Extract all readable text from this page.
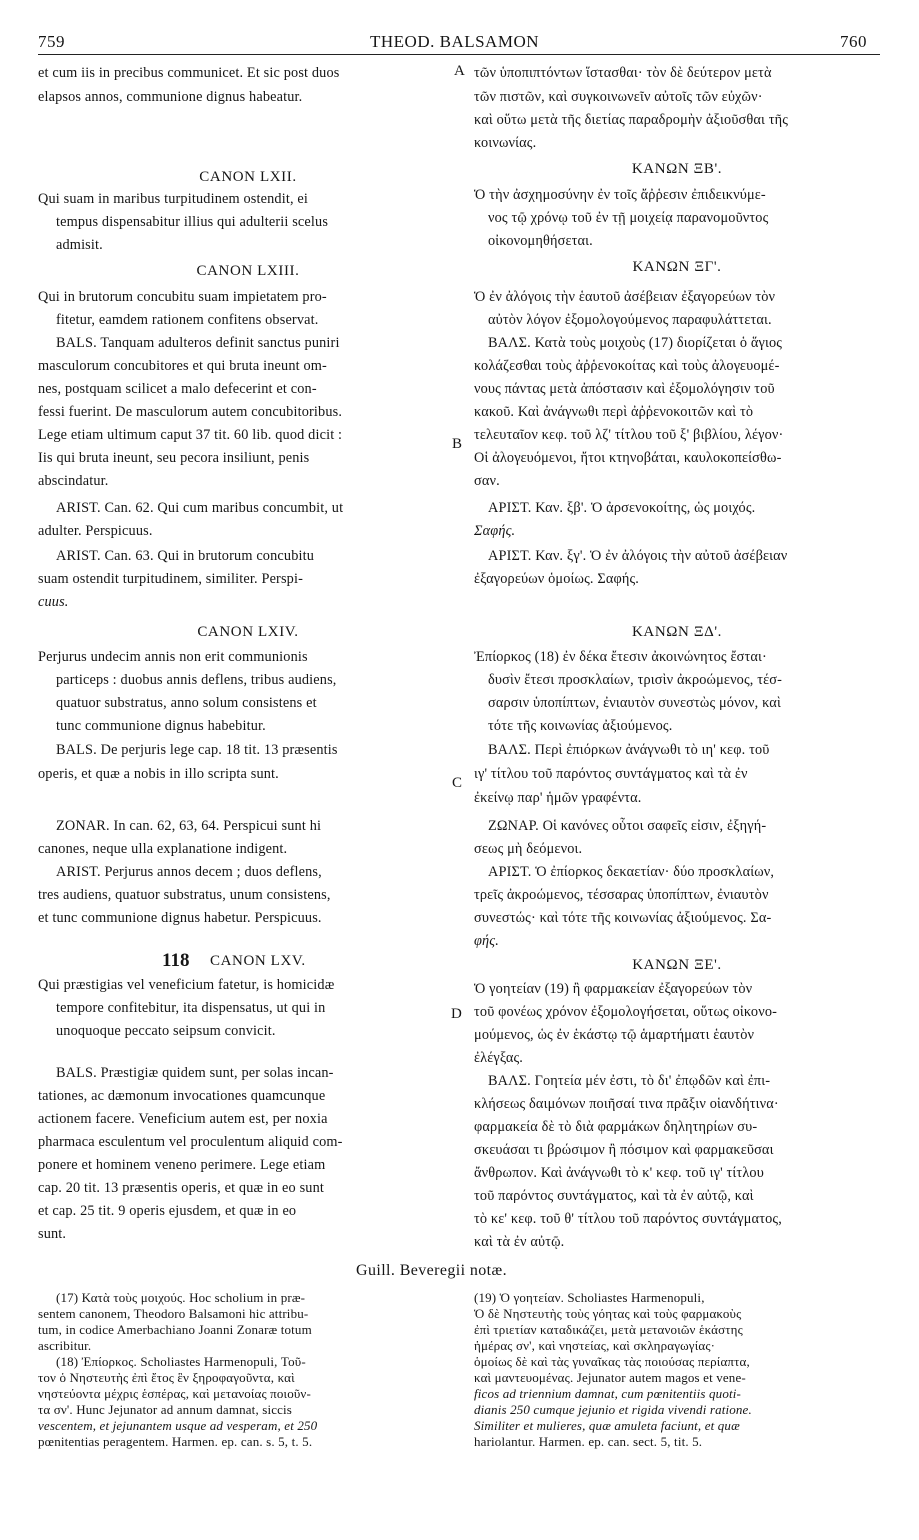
759	THEOD. BALSAMON	760
A
B
C
D
et cum iis in precibus communicet. Et sic post duos
elapsos annos, communione dignus habeatur.
CANON LXII.
Qui suam in maribus turpitudinem ostendit, ei
tempus dispensabitur illius qui adulterii scelus
admisit.
CANON LXIII.
Qui in brutorum concubitu suam impietatem pro-
fitetur, eamdem rationem confitens observat.
BALS. Tanquam adulteros definit sanctus puniri
masculorum concubitores et qui bruta ineunt om-
nes, postquam scilicet a malo defecerint et con-
fessi fuerint. De masculorum autem concubitoribus.
Lege etiam ultimum caput 37 tit. 60 lib. quod dicit :
Iis qui bruta ineunt, seu pecora insiliunt, penis
abscindatur.
ARIST. Can. 62. Qui cum maribus concumbit, ut
adulter. Perspicuus.
ARIST. Can. 63. Qui in brutorum concubitu
suam ostendit turpitudinem, similiter. Perspi-
cuus.
CANON LXIV.
Perjurus undecim annis non erit communionis
particeps : duobus annis deflens, tribus audiens,
quatuor substratus, anno solum consistens et
tunc communione dignus habebitur.
BALS. De perjuris lege cap. 18 tit. 13 præsentis
operis, et quæ a nobis in illo scripta sunt.
ZONAR. In can. 62, 63, 64. Perspicui sunt hi
canones, neque ulla explanatione indigent.
ARIST. Perjurus annos decem ; duos deflens,
tres audiens, quatuor substratus, unum consistens,
et tunc communione dignus habetur. Perspicuus.
118 CANON LXV.
Qui præstigias vel veneficium fatetur, is homicidæ
tempore confitebitur, ita dispensatus, ut qui in
unoquoque peccato seipsum convicit.
BALS. Præstigiæ quidem sunt, per solas incan-
tationes, ac dæmonum invocationes quamcunque
actionem facere. Veneficium autem est, per noxia
pharmaca esculentum vel proculentum aliquid com-
ponere et hominem veneno perimere. Lege etiam
cap. 20 tit. 13 præsentis operis, et quæ in eo sunt
et cap. 25 tit. 9 operis ejusdem, et quæ in eo
sunt.
τῶν ὑποπιπτόντων ἵστασθαι· τὸν δὲ δεύτερον μετὰ
τῶν πιστῶν, καὶ συγκοινωνεῖν αὐτοῖς τῶν εὐχῶν·
καὶ οὕτω μετὰ τῆς διετίας παραδρομὴν ἀξιοῦσθαι τῆς
κοινωνίας.
ΚΑΝΩΝ ΞΒ'.
Ὁ τὴν ἀσχημοσύνην ἐν τοῖς ἄῤῥεσιν ἐπιδεικνύμε-
νος τῷ χρόνῳ τοῦ ἐν τῇ μοιχείᾳ παρανομοῦντος
οἰκονομηθήσεται.
ΚΑΝΩΝ ΞΓ'.
Ὁ ἐν ἀλόγοις τὴν ἑαυτοῦ ἀσέβειαν ἐξαγορεύων τὸν
αὐτὸν λόγον ἐξομολογούμενος παραφυλάττεται.
ΒΑΛΣ. Κατὰ τοὺς μοιχοὺς (17) διορίζεται ὁ ἅγιος
κολάζεσθαι τοὺς ἀῤῥενοκοίτας καὶ τοὺς ἀλογευομέ-
νους πάντας μετὰ ἀπόστασιν καὶ ἐξομολόγησιν τοῦ
κακοῦ. Καὶ ἀνάγνωθι περὶ ἀῤῥενοκοιτῶν καὶ τὸ
τελευταῖον κεφ. τοῦ λζ' τίτλου τοῦ ξ' βιβλίου, λέγον·
Οἱ ἀλογευόμενοι, ἤτοι κτηνοβάται, καυλοκοπείσθω-
σαν.
ΑΡΙΣΤ. Καν. ξβ'. Ὁ ἀρσενοκοίτης, ὡς μοιχός.
Σαφής.
ΑΡΙΣΤ. Καν. ξγ'. Ὁ ἐν ἀλόγοις τὴν αὐτοῦ ἀσέβειαν
ἐξαγορεύων ὁμοίως. Σαφής.
ΚΑΝΩΝ ΞΔ'.
Ἐπίορκος (18) ἐν δέκα ἔτεσιν ἀκοινώνητος ἔσται·
δυσὶν ἔτεσι προσκλαίων, τρισὶν ἀκροώμενος, τέσ-
σαρσιν ὑποπίπτων, ἐνιαυτὸν συνεστὼς μόνον, καὶ
τότε τῆς κοινωνίας ἀξιούμενος.
ΒΑΛΣ. Περὶ ἐπιόρκων ἀνάγνωθι τὸ ιη' κεφ. τοῦ
ιγ' τίτλου τοῦ παρόντος συντάγματος καὶ τὰ ἐν
ἐκείνῳ παρ' ἡμῶν γραφέντα.
ΖΩΝΑΡ. Οἱ κανόνες οὗτοι σαφεῖς εἰσιν, ἐξηγή-
σεως μὴ δεόμενοι.
ΑΡΙΣΤ. Ὁ ἐπίορκος δεκαετίαν· δύο προσκλαίων,
τρεῖς ἀκροώμενος, τέσσαρας ὑποπίπτων, ἐνιαυτὸν
συνεστώς· καὶ τότε τῆς κοινωνίας ἀξιούμενος. Σα-
φής.
ΚΑΝΩΝ ΞΕ'.
Ὁ γοητείαν (19) ἢ φαρμακείαν ἐξαγορεύων τὸν
τοῦ φονέως χρόνον ἐξομολογήσεται, οὕτως οἰκονο-
μούμενος, ὡς ἐν ἑκάστῳ τῷ ἁμαρτήματι ἑαυτὸν
ἐλέγξας.
ΒΑΛΣ. Γοητεία μέν ἐστι, τὸ δι' ἐπῳδῶν καὶ ἐπι-
κλήσεως δαιμόνων ποιῆσαί τινα πρᾶξιν οἱανδήτινα·
φαρμακεία δὲ τὸ διὰ φαρμάκων δηλητηρίων συ-
σκευάσαι τι βρώσιμον ἢ πόσιμον καὶ φαρμακεῦσαι
ἄνθρωπον. Καὶ ἀνάγνωθι τὸ κ' κεφ. τοῦ ιγ' τίτλου
τοῦ παρόντος συντάγματος, καὶ τὰ ἐν αὐτῷ, καὶ
τὸ κε' κεφ. τοῦ θ' τίτλου τοῦ παρόντος συντάγματος,
καὶ τὰ ἐν αὐτῷ.
Guill. Beveregii notæ.
(17) Κατὰ τοὺς μοιχούς. Hoc scholium in præ-
sentem canonem, Theodoro Balsamoni hic attribu-
tum, in codice Amerbachiano Joanni Zonaræ totum
ascribitur.
(18) Ἐπίορκος. Scholiastes Harmenopuli, Τοῦ-
τον ὁ Νηστευτὴς ἐπὶ ἔτος ἓν ξηροφαγοῦντα, καὶ
νηστεύοντα μέχρις ἑσπέρας, καὶ μετανοίας ποιοῦν-
τα σν'. Hunc Jejunator ad annum damnat, siccis
vescentem, et jejunantem usque ad vesperam, et 250
pœnitentias peragentem. Harmen. ep. can. s. 5, t. 5.
(19) Ὁ γοητείαν. Scholiastes Harmenopuli,
Ὁ δὲ Νηστευτὴς τοὺς γόητας καὶ τοὺς φαρμακοὺς
ἐπὶ τριετίαν καταδικάζει, μετὰ μετανοιῶν ἑκάστης
ἡμέρας σν', καὶ νηστείας, καὶ σκληραγωγίας·
ὁμοίως δὲ καὶ τὰς γυναῖκας τὰς ποιούσας περίαπτα,
καὶ μαντευομένας. Jejunator autem magos et vene-
ficos ad triennium damnat, cum pœnitentiis quoti-
dianis 250 cumque jejunio et rigida vivendi ratione.
Similiter et mulieres, quæ amuleta faciunt, et quæ
hariolantur. Harmen. ep. can. sect. 5, tit. 5.
